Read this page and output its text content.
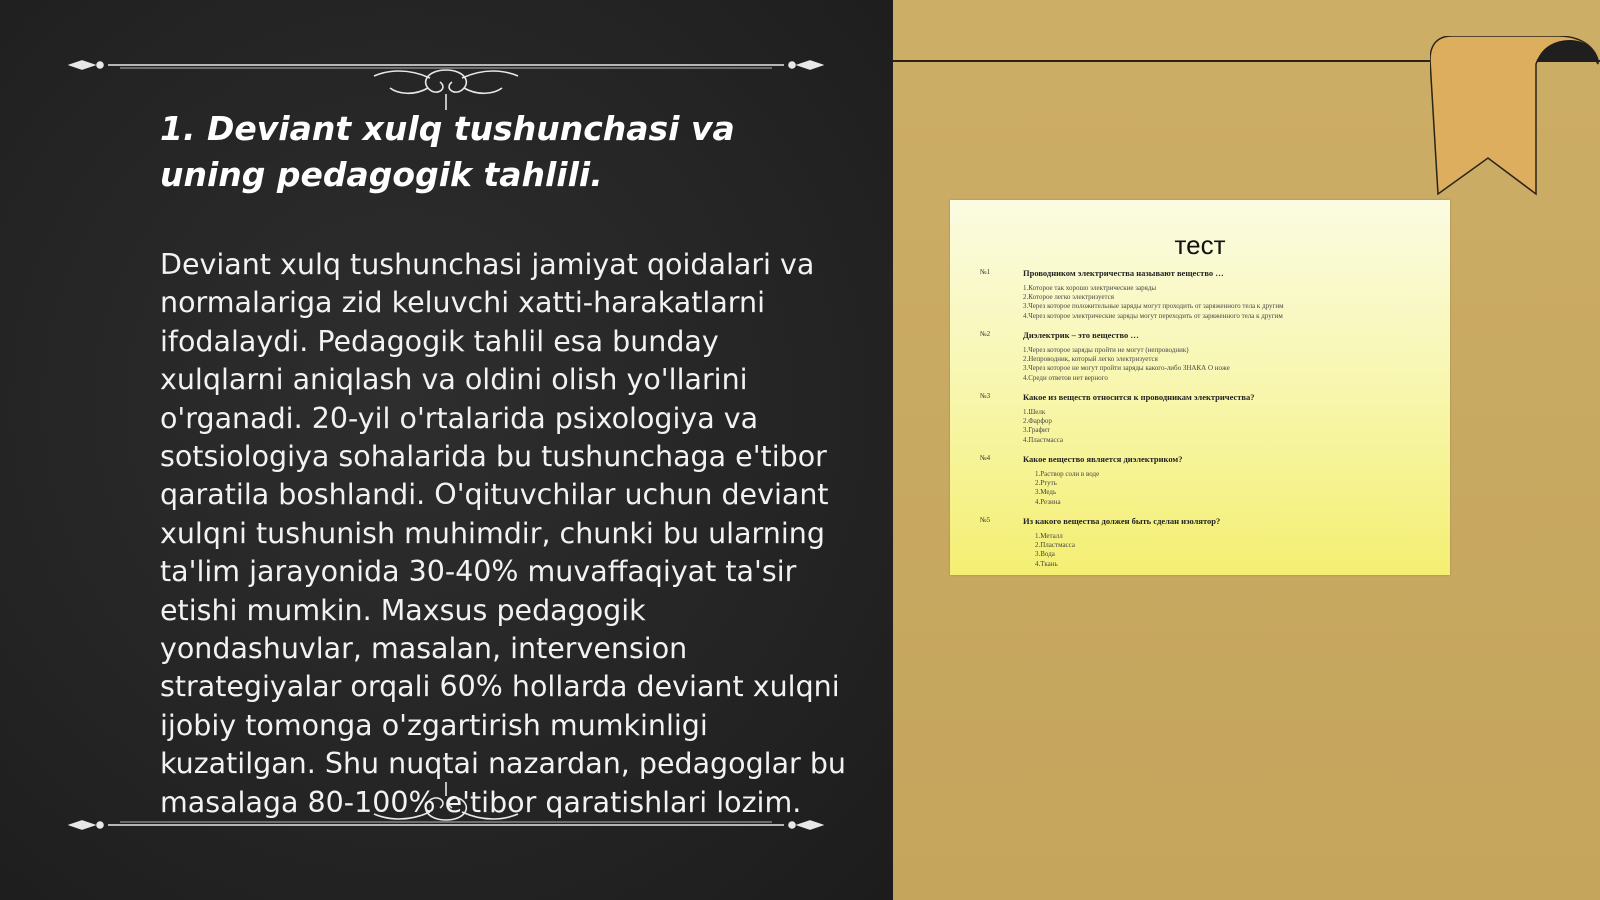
1. Deviant xulq tushunchasi va uning pedagogik tahlili.

Deviant xulq tushunchasi jamiyat qoidalari va normalariga zid keluvchi xatti-harakatlarni ifodalaydi. Pedagogik tahlil esa bunday xulqlarni aniqlash va oldini olish yo'llarini o'rganadi. 20-yil o'rtalarida psixologiya va sotsiologiya sohalarida bu tushunchaga e'tibor qaratila boshlandi. O'qituvchilar uchun deviant xulqni tushunish muhimdir, chunki bu ularning ta'lim jarayonida 30-40% muvaffaqiyat ta'sir etishi mumkin. Maxsus pedagogik yondashuvlar, masalan, intervension strategiyalar orqali 60% hollarda deviant xulqni ijobiy tomonga o'zgartirish mumkinligi kuzatilgan. Shu nuqtai nazardan, pedagoglar bu masalaga 80-100% e'tibor qaratishlari lozim.

тест
№1	Проводником электричества называют вещество …
1.Которое так хорошо электрические заряды
2.Которое легко электризуется
3.Через которое положительные заряды могут проходить от заряженного тела к другим
4.Через которое электрические заряды могут переходить от заряженного тела к другим
№2	Диэлектрик – это вещество …
1.Через которое заряды пройти не могут (непроводник)
2.Непроводник, который легко электризуется
3.Через которое не могут пройти заряды какого-либо ЗНАКА О ноже
4.Среди ответов нет верного
№3	Какое из веществ относится к проводникам электричества?
1.Шелк
2.Фарфор
3.Графит
4.Пластмасса
№4	Какое вещество является диэлектриком?
1.Раствор соли в воде
2.Ртуть
3.Медь
4.Резина
№5	Из какого вещества должен быть сделан изолятор?
1.Металл
2.Пластмасса
3.Вода
4.Ткань
